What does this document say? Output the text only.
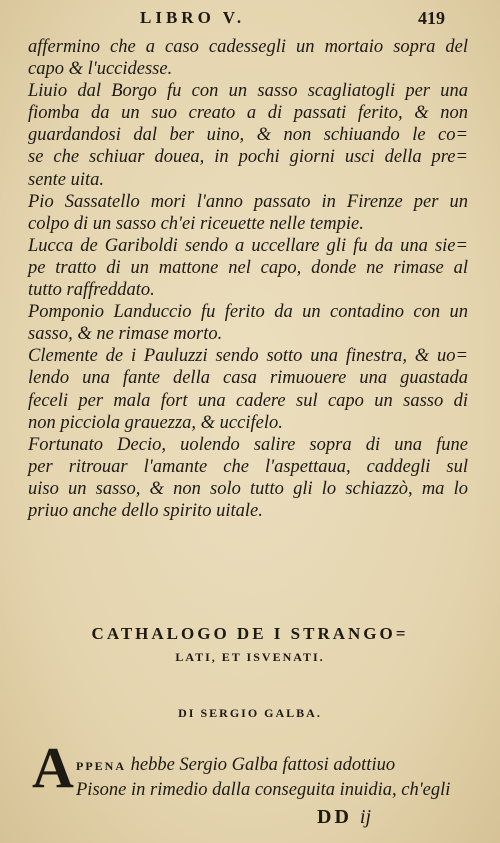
LIBRO V.	419
affermino che a caso cadessegli un mortaio sopra del
capo & l'uccidesse.
Liuio dal Borgo fu con un sasso scagliatogli per una
fiomba da un suo creato a di passati ferito, & non
guardandosi dal ber uino, & non schiuando le co=
se che schiuar douea, in pochi giorni usci della pre=
sente uita.
Pio Sassatello mori l'anno passato in Firenze per un
colpo di un sasso ch'ei riceuette nelle tempie.
Lucca de Gariboldi sendo a uccellare gli fu da una sie=
pe tratto di un mattone nel capo, donde ne rimase al
tutto raffreddato.
Pomponio Landuccio fu ferito da un contadino con un
sasso, & ne rimase morto.
Clemente de i Pauluzzi sendo sotto una finestra, & uo=
lendo una fante della casa rimuouere una guastada
feceli per mala fort una cadere sul capo un sasso di
non picciola grauezza, & uccifelo.
Fortunato Decio, uolendo salire sopra di una fune
per ritrouar l'amante che l'aspettaua, caddegli sul
uiso un sasso, & non solo tutto gli lo schiazzò, ma lo
priuo anche dello spirito uitale.
CATHALOGO DE I STRANGO=
LATI, ET ISVENATI.
DI SERGIO GALBA.
A PPENA hebbe Sergio Galba fattosi adottiuo
Pisone in rimedio dalla conseguita inuidia, ch'egli
DD ij
